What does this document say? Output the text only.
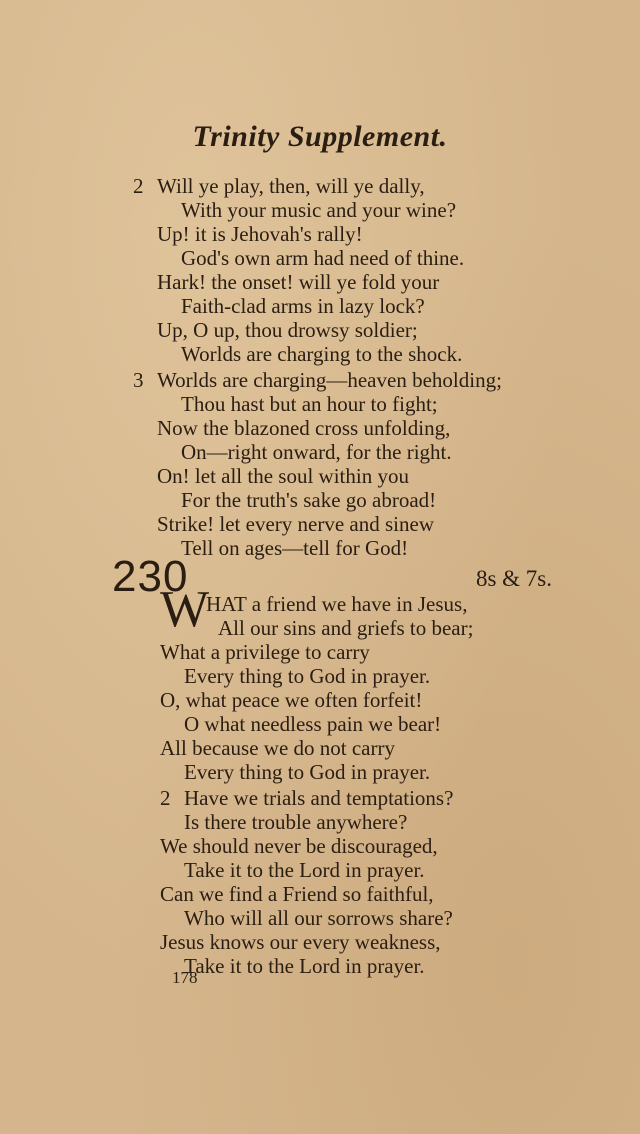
Trinity Supplement.
2 Will ye play, then, will ye dally,
With your music and your wine?
Up! it is Jehovah's rally!
God's own arm had need of thine.
Hark! the onset! will ye fold your
Faith-clad arms in lazy lock?
Up, O up, thou drowsy soldier;
Worlds are charging to the shock.
3 Worlds are charging—heaven beholding;
Thou hast but an hour to fight;
Now the blazoned cross unfolding,
On—right onward, for the right.
On! let all the soul within you
For the truth's sake go abroad!
Strike! let every nerve and sinew
Tell on ages—tell for God!
230	8s & 7s.
W
HAT a friend we have in Jesus,
All our sins and griefs to bear;
What a privilege to carry
Every thing to God in prayer.
O, what peace we often forfeit!
O what needless pain we bear!
All because we do not carry
Every thing to God in prayer.
2 Have we trials and temptations?
Is there trouble anywhere?
We should never be discouraged,
Take it to the Lord in prayer.
Can we find a Friend so faithful,
Who will all our sorrows share?
Jesus knows our every weakness,
Take it to the Lord in prayer.
178
